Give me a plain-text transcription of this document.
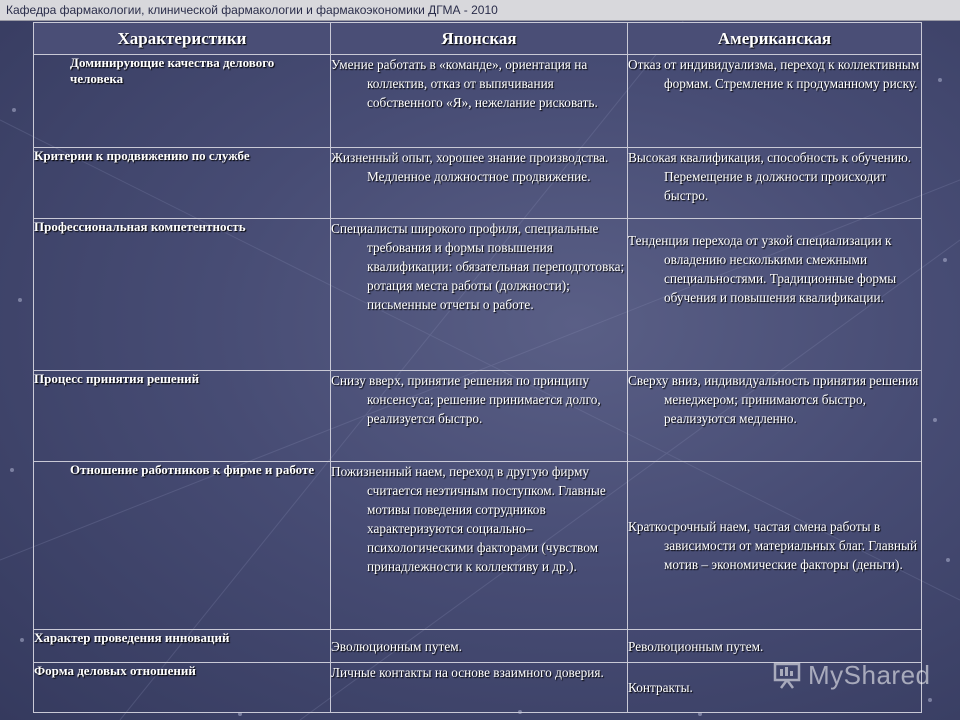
Кафедра фармакологии, клинической фармакологии и фармакоэкономики ДГМА - 2010
Характеристики	Японская	Американская

Доминирующие качества делового человека	Умение работать в «команде», ориентация на коллектив, отказ от выпячивания собственного «Я», нежелание рисковать.	Отказ от индивидуализма, переход к коллективным формам. Стремление к продуманному риску.

Критерии к продвижению по службе	Жизненный опыт, хорошее знание производства. Медленное должностное продвижение.	Высокая квалификация, способность к обучению. Перемещение в должности происходит быстро.

Профессиональная компетентность	Специалисты широкого профиля, специальные требования и формы повышения квалификации: обязательная переподготовка; ротация места работы (должности); письменные отчеты о работе.	Тенденция перехода от узкой специализации к овладению несколькими смежными специальностями. Традиционные формы обучения и повышения квалификации.

Процесс принятия решений	Снизу вверх, принятие решения по принципу консенсуса; решение принимается долго, реализуется быстро.	Сверху вниз, индивидуальность принятия решения менеджером; принимаются быстро, реализуются медленно.

Отношение работников к фирме и работе	Пожизненный наем, переход в другую фирму считается неэтичным поступком. Главные мотивы поведения сотрудников характеризуются социально–психологическими факторами (чувством принадлежности к коллективу и др.).	Краткосрочный наем, частая смена работы в зависимости от материальных благ. Главный мотив – экономические факторы (деньги).

Характер проведения инноваций	Эволюционным путем.	Революционным путем.

Форма деловых отношений	Личные контакты на основе взаимного доверия.	Контракты.	MyShared
